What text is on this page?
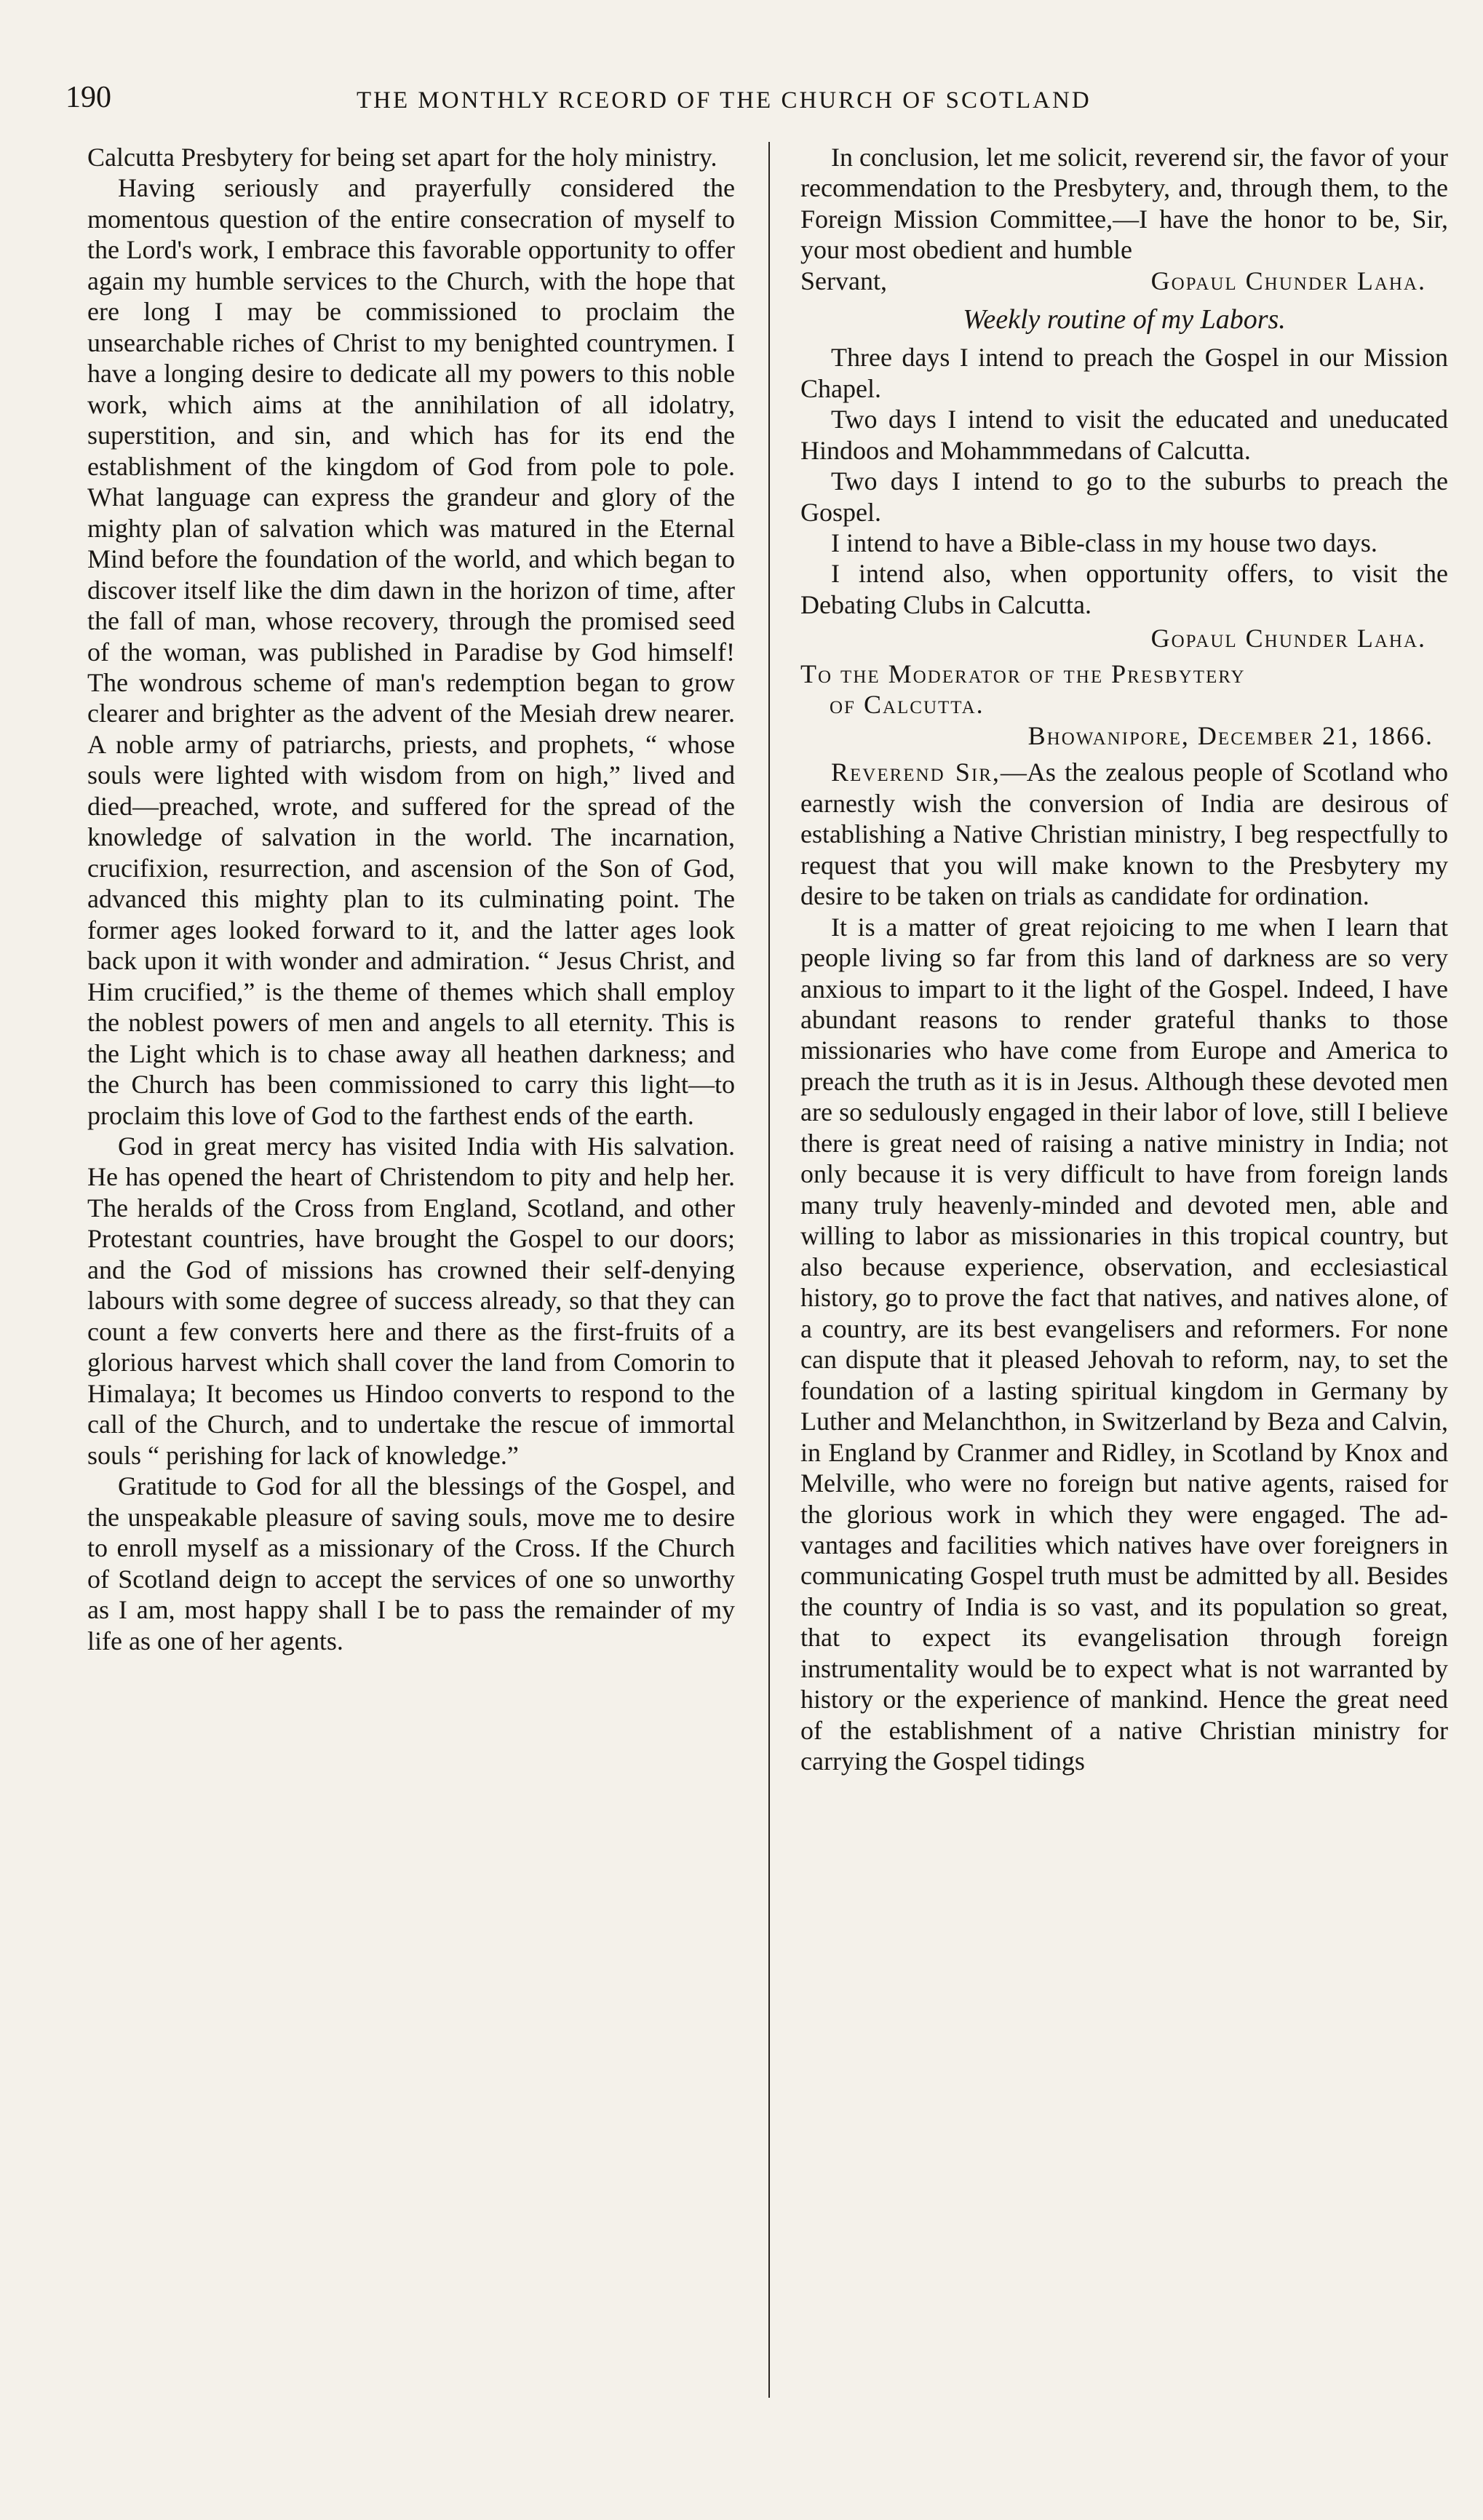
190	THE MONTHLY RCEORD OF THE CHURCH OF SCOTLAND

Calcutta Presbytery for being set apart for the holy ministry.

Having seriously and prayerfully considered the momentous question of the entire consecration of myself to the Lord's work, I embrace this favorable opportunity to offer again my humble services to the Church, with the hope that ere long I may be commissioned to proclaim the unsearchable riches of Christ to my benighted countrymen. I have a longing desire to dedicate all my powers to this noble work, which aims at the annihilation of all idolatry, superstition, and sin, and which has for its end the establishment of the kingdom of God from pole to pole. What language can express the grandeur and glory of the mighty plan of salvation which was matured in the Eternal Mind before the foundation of the world, and which began to discover itself like the dim dawn in the horizon of time, after the fall of man, whose recovery, through the promised seed of the woman, was published in Paradise by God himself! The wondrous scheme of man's redemption began to grow clearer and brighter as the advent of the Mesiah drew nearer. A noble army of patriarchs, priests, and prophets, “ whose souls were lighted with wisdom from on high,” lived and died—preached, wrote, and suffered for the spread of the knowledge of salvation in the world. The incarnation, crucifixion, resurrection, and ascension of the Son of God, advanced this mighty plan to its culminating point. The former ages looked forward to it, and the latter ages look back upon it with wonder and admiration. “ Jesus Christ, and Him crucified,” is the theme of themes which shall employ the noblest powers of men and angels to all eternity. This is the Light which is to chase away all heathen darkness; and the Church has been commissioned to carry this light—to proclaim this love of God to the farthest ends of the earth.

God in great mercy has visited India with His salvation. He has opened the heart of Christendom to pity and help her. The heralds of the Cross from England, Scotland, and other Protestant countries, have brought the Gospel to our doors; and the God of missions has crowned their self-denying labours with some degree of success already, so that they can count a few converts here and there as the first-fruits of a glorious harvest which shall cover the land from Comorin to Himalaya; It becomes us Hindoo converts to respond to the call of the Church, and to undertake the rescue of immortal souls “ perishing for lack of knowledge.”

Gratitude to God for all the blessings of the Gospel, and the unspeakable pleasure of saving souls, move me to desire to enroll myself as a missionary of the Cross. If the Church of Scotland deign to accept the services of one so unworthy as I am, most happy shall I be to pass the remainder of my life as one of her agents.

In conclusion, let me solicit, reverend sir, the favor of your recommendation to the Presbytery, and, through them, to the Foreign Mission Committee,—I have the honor to be, Sir, your most obedient and humble

Servant,	Gopaul Chunder Laha.
Weekly routine of my Labors.

Three days I intend to preach the Gospel in our Mission Chapel.

Two days I intend to visit the educated and uneducated Hindoos and Mohammmedans of Calcutta.

Two days I intend to go to the suburbs to preach the Gospel.

I intend to have a Bible-class in my house two days.

I intend also, when opportunity offers, to visit the Debating Clubs in Calcutta.

Gopaul Chunder Laha.

To the Moderator of the Presbytery
of Calcutta.

Bhowanipore, December 21, 1866.

Reverend Sir,—As the zealous people of Scotland who earnestly wish the conversion of India are desirous of establishing a Native Christian ministry, I beg respectfully to request that you will make known to the Presbytery my desire to be taken on trials as candidate for ordination.

It is a matter of great rejoicing to me when I learn that people living so far from this land of darkness are so very anxious to impart to it the light of the Gospel. Indeed, I have abundant reasons to render grateful thanks to those missionaries who have come from Europe and America to preach the truth as it is in Jesus. Although these devoted men are so sedulously engaged in their labor of love, still I believe there is great need of raising a native ministry in India; not only because it is very difficult to have from foreign lands many truly heavenly-minded and devoted men, able and willing to labor as missionaries in this tropical country, but also because experience, observation, and ecclesiastical history, go to prove the fact that natives, and natives alone, of a country, are its best evangelisers and reformers. For none can dispute that it pleased Jehovah to reform, nay, to set the foundation of a lasting spiritual kingdom in Germany by Luther and Melanchthon, in Switzerland by Beza and Calvin, in England by Cranmer and Ridley, in Scotland by Knox and Melville, who were no foreign but native agents, raised for the glorious work in which they were engaged. The advantages and facilities which natives have over foreigners in communicating Gospel truth must be admitted by all. Besides the country of India is so vast, and its population so great, that to expect its evangelisation through foreign instrumentality would be to expect what is not warranted by history or the experience of mankind. Hence the great need of the establishment of a native Christian ministry for carrying the Gospel tidings
